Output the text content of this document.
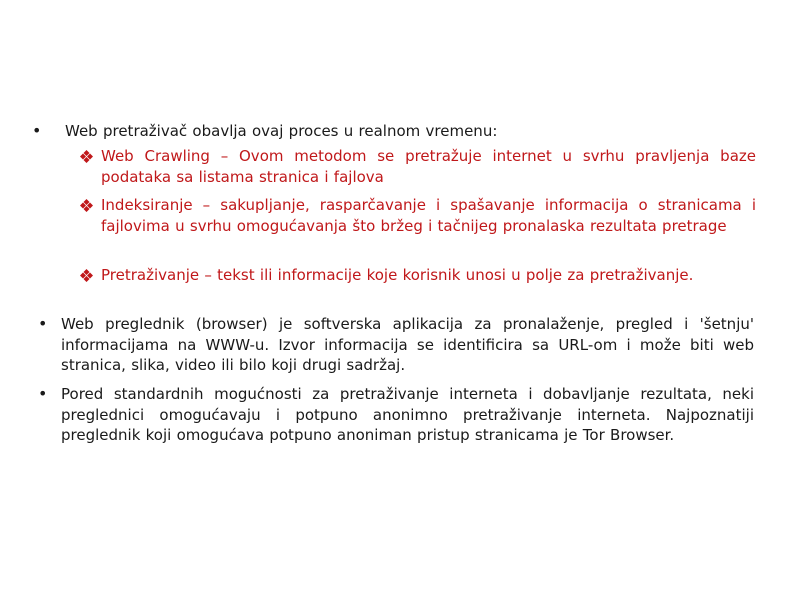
• Web pretraživač obavlja ovaj proces u realnom vremenu:
Web Crawling – Ovom metodom se pretražuje internet u svrhu pravljenja baze podataka sa listama stranica i fajlova
Indeksiranje – sakupljanje, rasparčavanje i spašavanje informacija o stranicama i fajlovima u svrhu omogućavanja što bržeg i tačnijeg pronalaska rezultata pretrage
Pretraživanje – tekst ili informacije koje korisnik unosi u polje za pretraživanje.
• Web preglednik (browser) je softverska aplikacija za pronalaženje, pregled i 'šetnju' informacijama na WWW-u. Izvor informacija se identificira sa URL-om i može biti web stranica, slika, video ili bilo koji drugi sadržaj.
• Pored standardnih mogućnosti za pretraživanje interneta i dobavljanje rezultata, neki preglednici omogućavaju i potpuno anonimno pretraživanje interneta. Najpoznatiji preglednik koji omogućava potpuno anoniman pristup stranicama je Tor Browser.
